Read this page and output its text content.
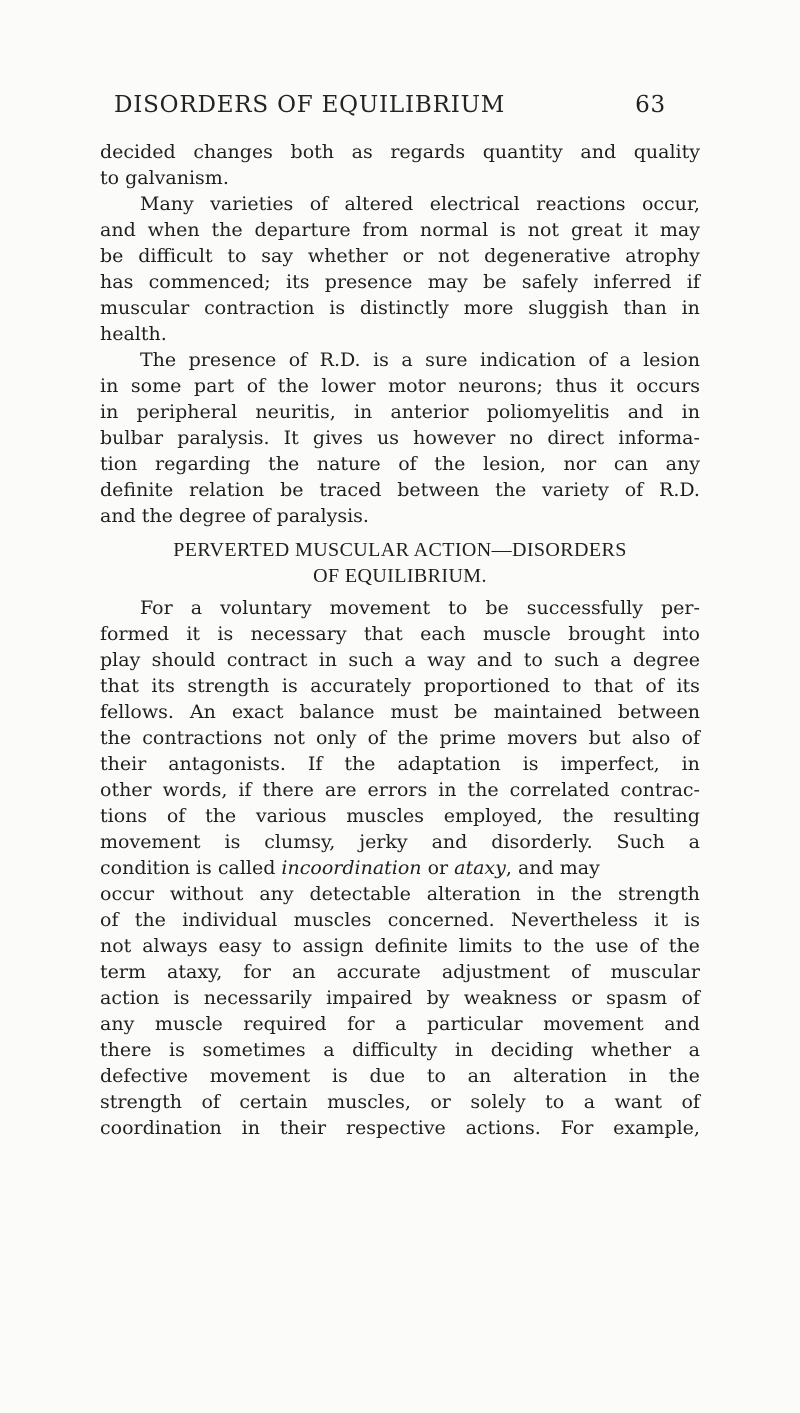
DISORDERS OF EQUILIBRIUM	63
decided changes both as regards quantity and quality
to galvanism.
Many varieties of altered electrical reactions occur,
and when the departure from normal is not great it may
be difficult to say whether or not degenerative atrophy
has commenced; its presence may be safely inferred if
muscular contraction is distinctly more sluggish than in
health.
The presence of R.D. is a sure indication of a lesion
in some part of the lower motor neurons; thus it occurs
in peripheral neuritis, in anterior poliomyelitis and in
bulbar paralysis. It gives us however no direct informa-
tion regarding the nature of the lesion, nor can any
definite relation be traced between the variety of R.D.
and the degree of paralysis.
PERVERTED MUSCULAR ACTION—DISORDERS
OF EQUILIBRIUM.
For a voluntary movement to be successfully per-
formed it is necessary that each muscle brought into
play should contract in such a way and to such a degree
that its strength is accurately proportioned to that of its
fellows. An exact balance must be maintained between
the contractions not only of the prime movers but also of
their antagonists. If the adaptation is imperfect, in
other words, if there are errors in the correlated contrac-
tions of the various muscles employed, the resulting
movement is clumsy, jerky and disorderly. Such a
condition is called incoordination or ataxy , and may
occur without any detectable alteration in the strength
of the individual muscles concerned. Nevertheless it is
not always easy to assign definite limits to the use of the
term ataxy, for an accurate adjustment of muscular
action is necessarily impaired by weakness or spasm of
any muscle required for a particular movement and
there is sometimes a difficulty in deciding whether a
defective movement is due to an alteration in the
strength of certain muscles, or solely to a want of
coordination in their respective actions. For example,
